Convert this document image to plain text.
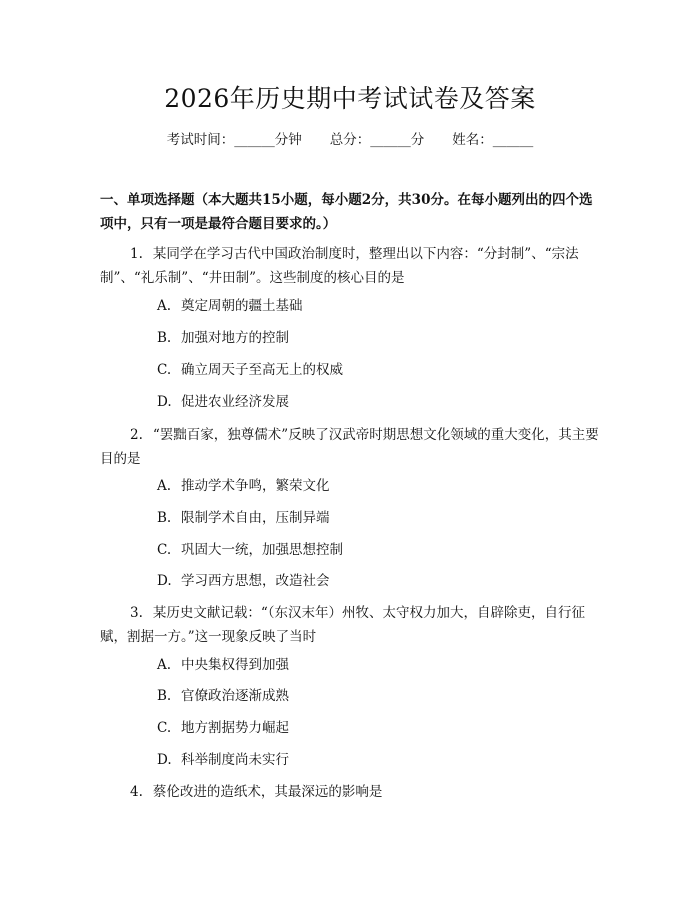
2026年历史期中考试试卷及答案
考试时间：______分钟 总分：______分 姓名：______
一、单项选择题（本大题共15小题，每小题2分，共30分。在每小题列出的四个选项中，只有一项是最符合题目要求的。）
1. 某同学在学习古代中国政治制度时，整理出以下内容：“分封制”、“宗法制”、“礼乐制”、“井田制”。这些制度的核心目的是
A. 奠定周朝的疆土基础
B. 加强对地方的控制
C. 确立周天子至高无上的权威
D. 促进农业经济发展
2. “罢黜百家，独尊儒术”反映了汉武帝时期思想文化领域的重大变化，其主要目的是
A. 推动学术争鸣，繁荣文化
B. 限制学术自由，压制异端
C. 巩固大一统，加强思想控制
D. 学习西方思想，改造社会
3. 某历史文献记载：“（东汉末年）州牧、太守权力加大，自辟除吏，自行征赋，割据一方。”这一现象反映了当时
A. 中央集权得到加强
B. 官僚政治逐渐成熟
C. 地方割据势力崛起
D. 科举制度尚未实行
4. 蔡伦改进的造纸术，其最深远的影响是
